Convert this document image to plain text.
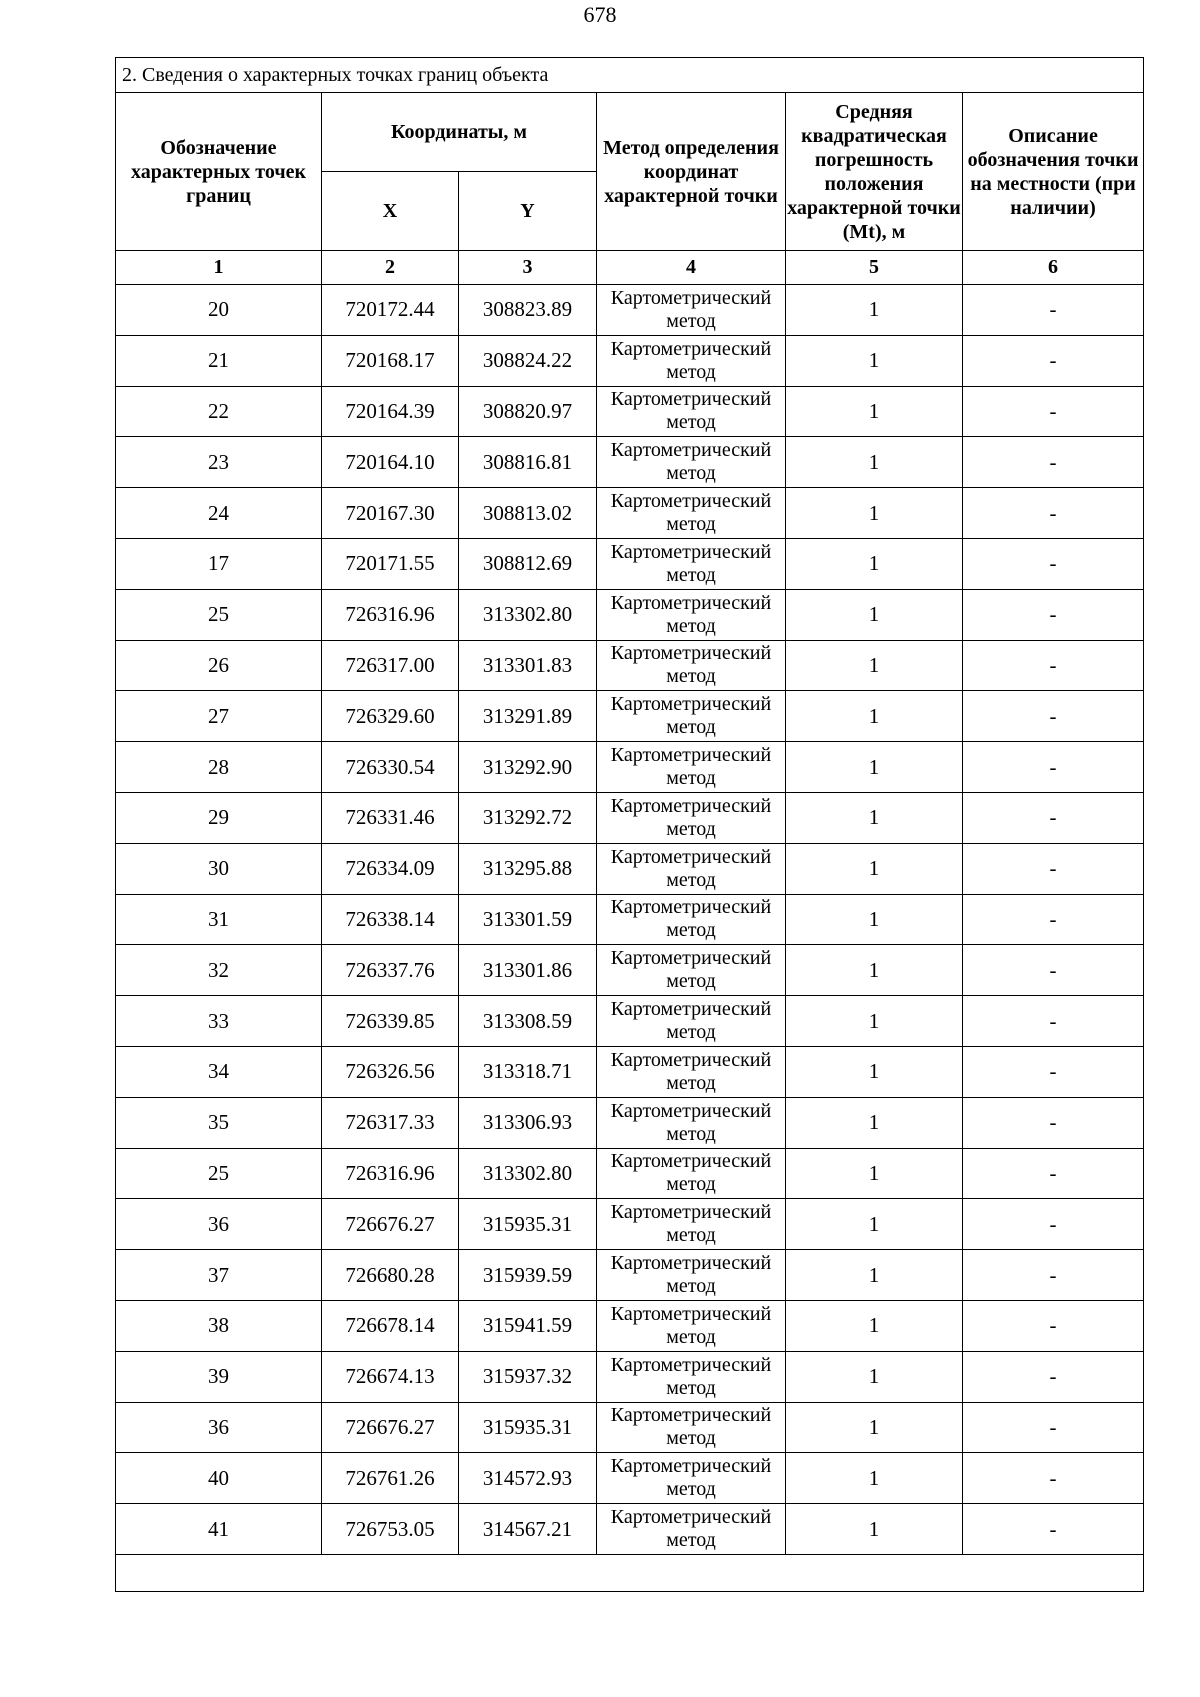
678
2. Сведения о характерных точках границ объекта					
Обозначение характерных точек границ	Координаты, м		Метод определения координат характерной точки	Средняя квадратическая погрешность положения характерной точки (Mt), м	Описание обозначения точки на местности (при наличии)
	X	Y			
1	2	3	4	5	6
20	720172.44	308823.89	Картометрический метод	1	-
21	720168.17	308824.22	Картометрический метод	1	-
22	720164.39	308820.97	Картометрический метод	1	-
23	720164.10	308816.81	Картометрический метод	1	-
24	720167.30	308813.02	Картометрический метод	1	-
17	720171.55	308812.69	Картометрический метод	1	-
25	726316.96	313302.80	Картометрический метод	1	-
26	726317.00	313301.83	Картометрический метод	1	-
27	726329.60	313291.89	Картометрический метод	1	-
28	726330.54	313292.90	Картометрический метод	1	-
29	726331.46	313292.72	Картометрический метод	1	-
30	726334.09	313295.88	Картометрический метод	1	-
31	726338.14	313301.59	Картометрический метод	1	-
32	726337.76	313301.86	Картометрический метод	1	-
33	726339.85	313308.59	Картометрический метод	1	-
34	726326.56	313318.71	Картометрический метод	1	-
35	726317.33	313306.93	Картометрический метод	1	-
25	726316.96	313302.80	Картометрический метод	1	-
36	726676.27	315935.31	Картометрический метод	1	-
37	726680.28	315939.59	Картометрический метод	1	-
38	726678.14	315941.59	Картометрический метод	1	-
39	726674.13	315937.32	Картометрический метод	1	-
36	726676.27	315935.31	Картометрический метод	1	-
40	726761.26	314572.93	Картометрический метод	1	-
41	726753.05	314567.21	Картометрический метод	1	-
